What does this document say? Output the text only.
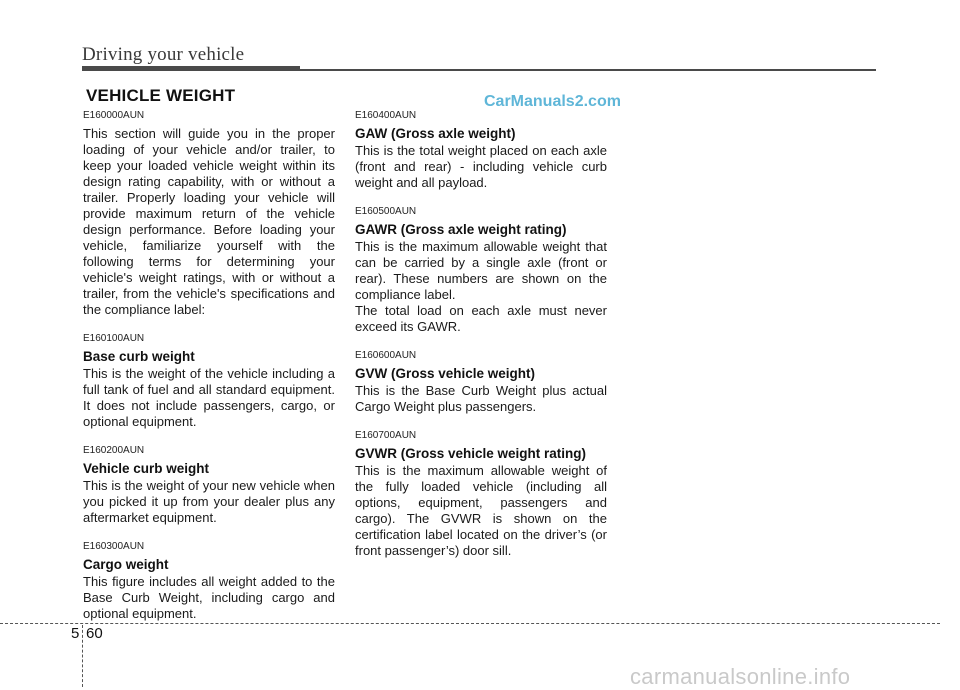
Driving your vehicle
VEHICLE WEIGHT	CarManuals2.com
E160000AUN
This section will guide you in the proper loading of your vehicle and/or trailer, to keep your loaded vehicle weight within its design rating capability, with or without a trailer. Properly loading your vehicle will provide maximum return of the vehicle design performance. Before loading your vehicle, familiarize yourself with the following terms for determining your vehicle's weight ratings, with or without a trailer, from the vehicle's specifications and the compliance label:
E160100AUN
Base curb weight
This is the weight of the vehicle including a full tank of fuel and all standard equipment. It does not include passengers, cargo, or optional equipment.
E160200AUN
Vehicle curb weight
This is the weight of your new vehicle when you picked it up from your dealer plus any aftermarket equipment.
E160300AUN
Cargo weight
This figure includes all weight added to the Base Curb Weight, including cargo and optional equipment.
E160400AUN
GAW (Gross axle weight)
This is the total weight placed on each axle (front and rear) - including vehicle curb weight and all payload.
E160500AUN
GAWR (Gross axle weight rating)
This is the maximum allowable weight that can be carried by a single axle (front or rear). These numbers are shown on the compliance label.
The total load on each axle must never exceed its GAWR.
E160600AUN
GVW (Gross vehicle weight)
This is the Base Curb Weight plus actual Cargo Weight plus passengers.
E160700AUN
GVWR (Gross vehicle weight rating)
This is the maximum allowable weight of the fully loaded vehicle (including all options, equipment, passengers and cargo). The GVWR is shown on the certification label located on the driver’s (or front passenger’s) door sill.
5 60
carmanualsonline.info
